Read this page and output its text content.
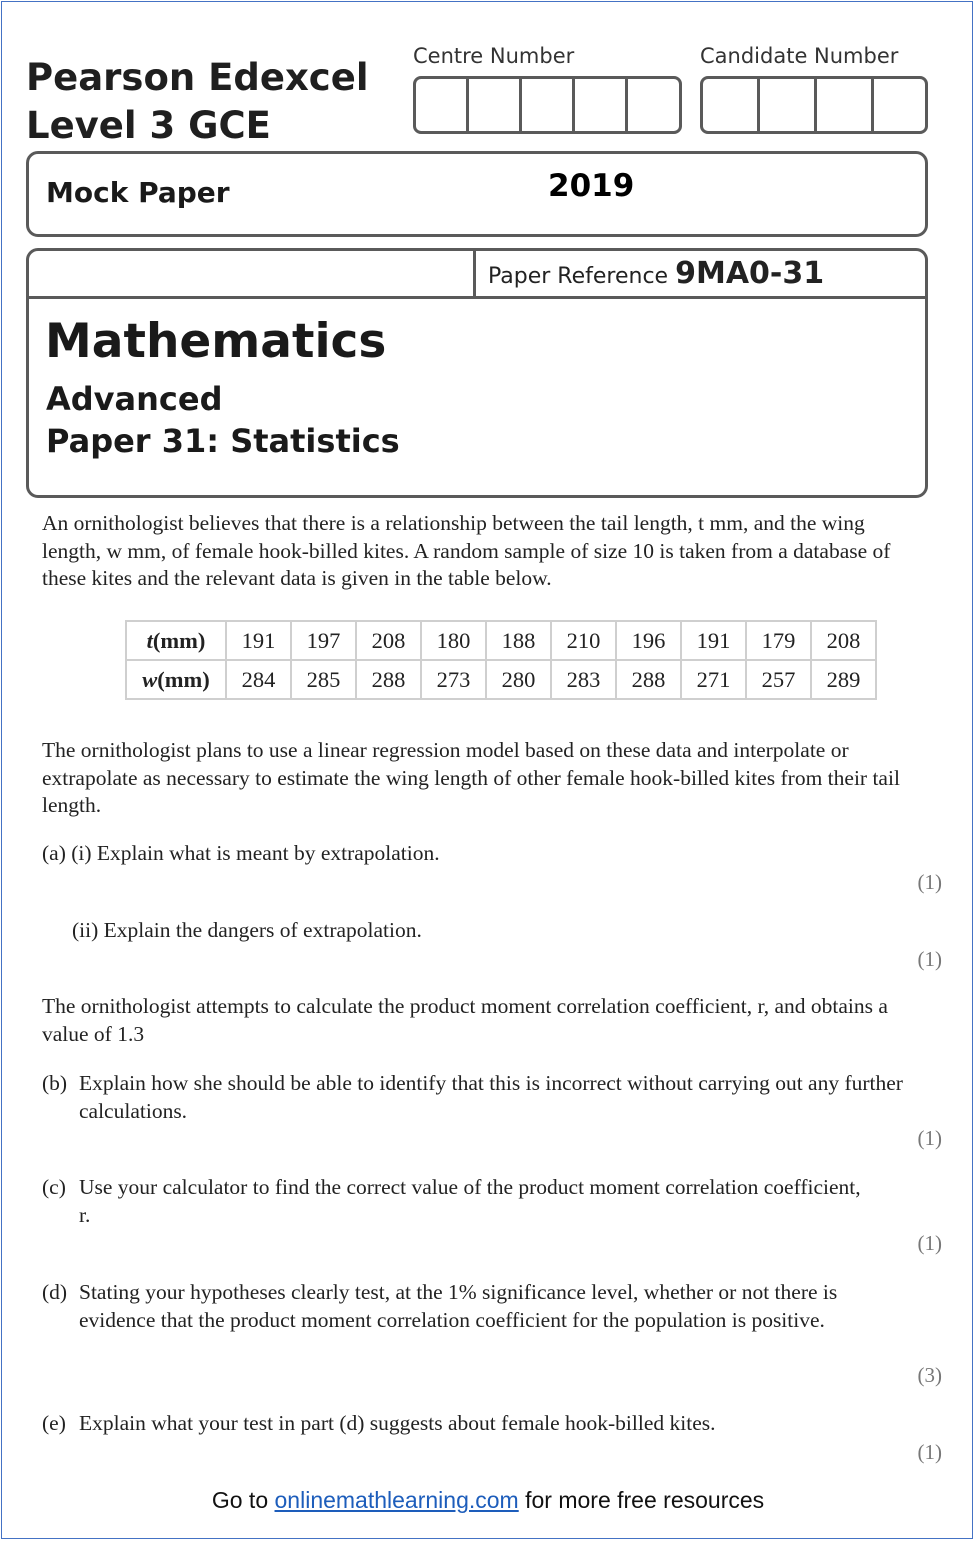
Pearson Edexcel
Level 3 GCE
Centre Number	Candidate Number
Mock Paper	2019
Paper Reference 9MA0-31
Mathematics
Advanced
Paper 31: Statistics
An ornithologist believes that there is a relationship between the tail length, t mm, and the wing length, w mm, of female hook-billed kites. A random sample of size 10 is taken from a database of these kites and the relevant data is given in the table below.
t(mm)	191	197	208	180	188	210	196	191	179	208
w(mm)	284	285	288	273	280	283	288	271	257	289
The ornithologist plans to use a linear regression model based on these data and interpolate or extrapolate as necessary to estimate the wing length of other female hook-billed kites from their tail length.
(a) (i) Explain what is meant by extrapolation.
(1)
(ii) Explain the dangers of extrapolation.
(1)
The ornithologist attempts to calculate the product moment correlation coefficient, r, and obtains a value of 1.3
(b) Explain how she should be able to identify that this is incorrect without carrying out any further calculations.
(1)
(c) Use your calculator to find the correct value of the product moment correlation coefficient, r.
(1)
(d) Stating your hypotheses clearly test, at the 1% significance level, whether or not there is evidence that the product moment correlation coefficient for the population is positive.
(3)
(e) Explain what your test in part (d) suggests about female hook-billed kites.
(1)
Go to onlinemathlearning.com for more free resources
